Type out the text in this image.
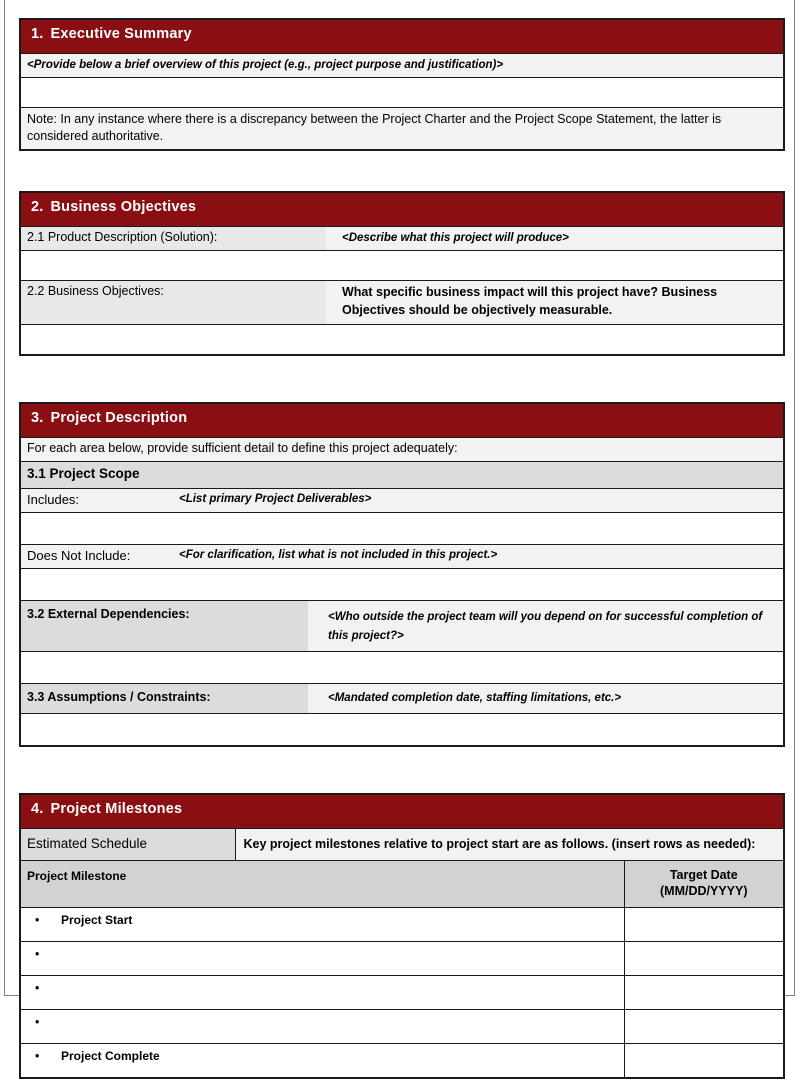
1. Executive Summary
<Provide below a brief overview of this project (e.g., project purpose and justification)>

Note: In any instance where there is a discrepancy between the Project Charter and the Project Scope Statement, the latter is considered authoritative.
2. Business Objectives	
2.1 Product Description (Solution):	<Describe what this project will produce>

2.2 Business Objectives:	What specific business impact will this project have? Business Objectives should be objectively measurable.

3. Project Description	
For each area below, provide sufficient detail to define this project adequately:	
3.1 Project Scope	
Includes: <List primary Project Deliverables>	

Does Not Include: <For clarification, list what is not included in this project.>	

3.2 External Dependencies:	<Who outside the project team will you depend on for successful completion of this project?>

3.3 Assumptions / Constraints:	<Mandated completion date, staffing limitations, etc.>

4. Project Milestones		
Estimated Schedule	Key project milestones relative to project start are as follows. (insert rows as needed):	
Project Milestone		Target Date
(MM/DD/YYYY)

• Project Start		
•		
•		
•		
• Project Complete		
